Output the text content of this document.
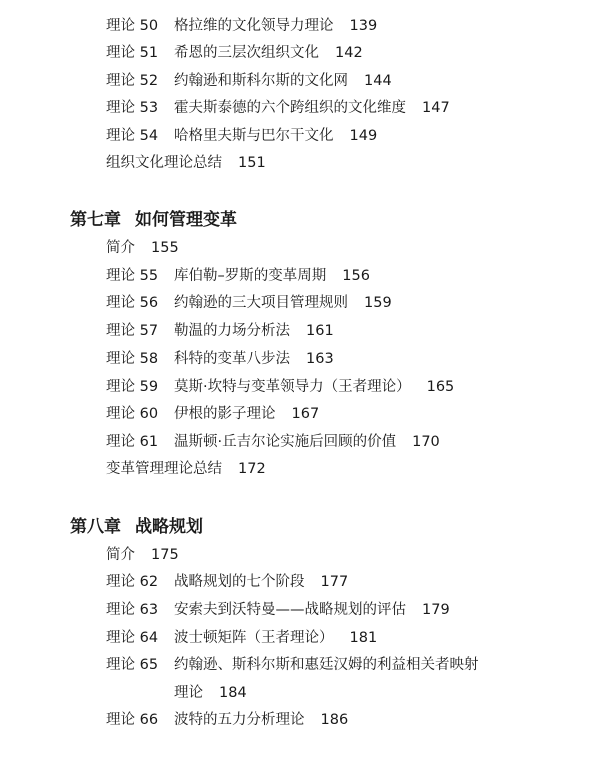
理论 50 格拉维的文化领导力理论 139
理论 51 希恩的三层次组织文化 142
理论 52 约翰逊和斯科尔斯的文化网 144
理论 53 霍夫斯泰德的六个跨组织的文化维度 147
理论 54 哈格里夫斯与巴尔干文化 149
组织文化理论总结 151
第七章 如何管理变革
简介 155
理论 55 库伯勒–罗斯的变革周期 156
理论 56 约翰逊的三大项目管理规则 159
理论 57 勒温的力场分析法 161
理论 58 科特的变革八步法 163
理论 59 莫斯·坎特与变革领导力（王者理论） 165
理论 60 伊根的影子理论 167
理论 61 温斯顿·丘吉尔论实施后回顾的价值 170
变革管理理论总结 172
第八章 战略规划
简介 175
理论 62 战略规划的七个阶段 177
理论 63 安索夫到沃特曼——战略规划的评估 179
理论 64 波士顿矩阵（王者理论） 181
理论 65 约翰逊、斯科尔斯和惠廷汉姆的利益相关者映射
理论 184
理论 66 波特的五力分析理论 186
